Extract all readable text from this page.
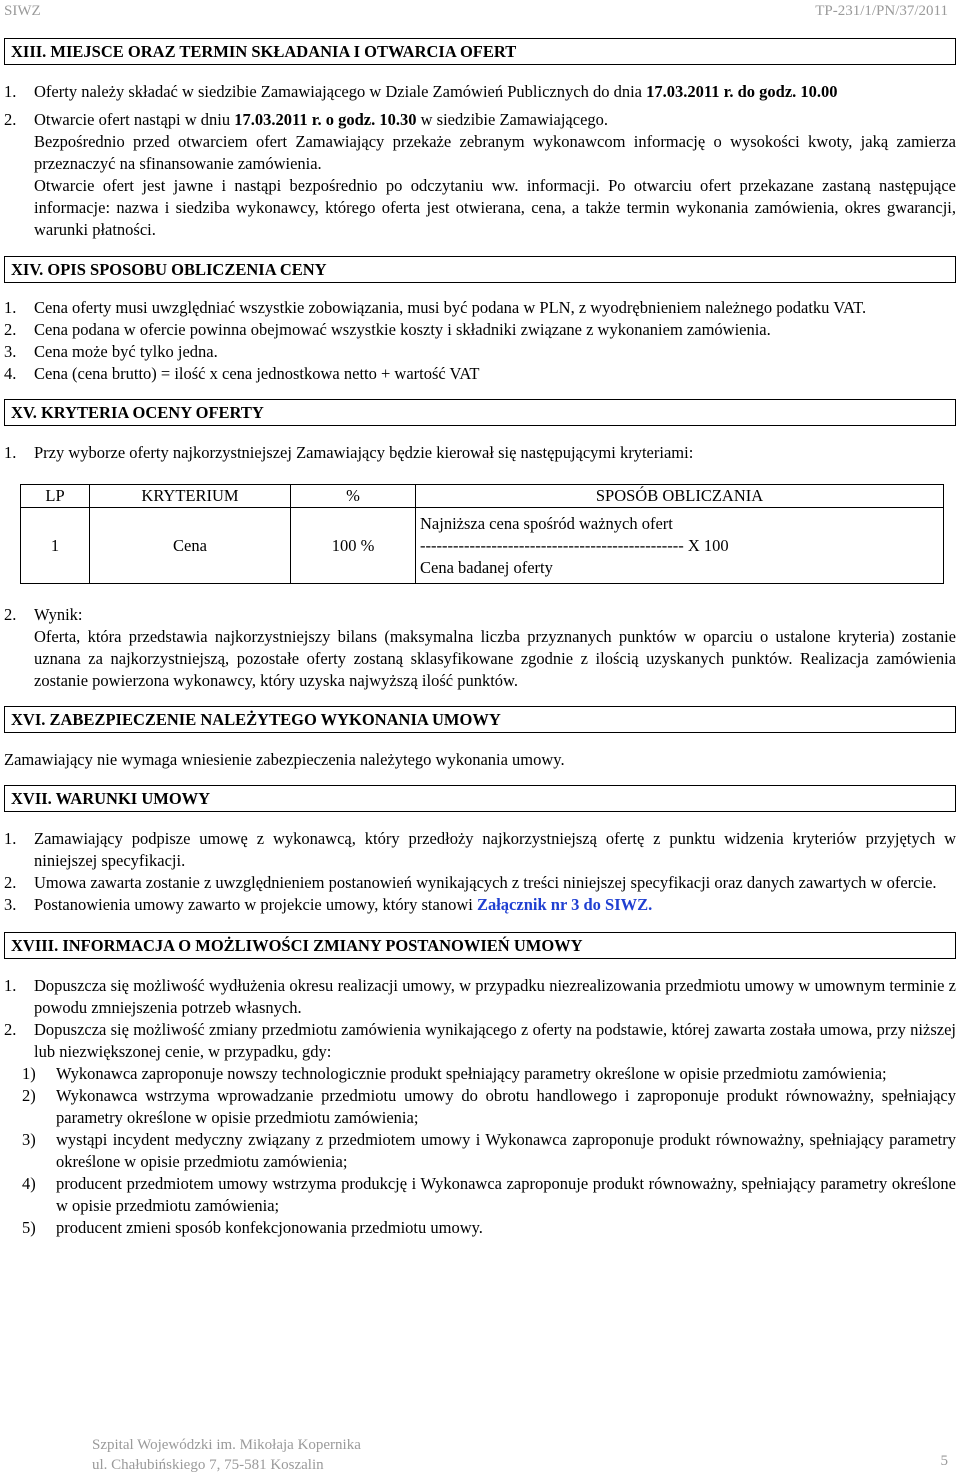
SIWZ	TP-231/1/PN/37/2011
XIII. MIEJSCE ORAZ TERMIN SKŁADANIA I OTWARCIA OFERT

1. Oferty należy składać w siedzibie Zamawiającego w Dziale Zamówień Publicznych do dnia 17.03.2011 r. do godz. 10.00

2. Otwarcie ofert nastąpi w dniu 17.03.2011 r. o godz. 10.30 w siedzibie Zamawiającego.

Bezpośrednio przed otwarciem ofert Zamawiający przekaże zebranym wykonawcom informację o wysokości kwoty, jaką zamierza przeznaczyć na sfinansowanie zamówienia.

Otwarcie ofert jest jawne i nastąpi bezpośrednio po odczytaniu ww. informacji. Po otwarciu ofert przekazane zastaną następujące informacje: nazwa i siedziba wykonawcy, którego oferta jest otwierana, cena, a także termin wykonania zamówienia, okres gwarancji, warunki płatności.

XIV. OPIS SPOSOBU OBLICZENIA CENY

1. Cena oferty musi uwzględniać wszystkie zobowiązania, musi być podana w PLN, z wyodrębnieniem należnego podatku VAT.

2. Cena podana w ofercie powinna obejmować wszystkie koszty i składniki związane z wykonaniem zamówienia.

3. Cena może być tylko jedna.

4. Cena (cena brutto) = ilość x cena jednostkowa netto + wartość VAT

XV. KRYTERIA OCENY OFERTY

1. Przy wyborze oferty najkorzystniejszej Zamawiający będzie kierował się następującymi kryteriami:

LP	KRYTERIUM	%	SPOSÓB OBLICZANIA
1	Cena	100 %	Najniższa cena spośród ważnych ofert
------------------------------------------------ X 100
Cena badanej oferty

2. Wynik:

Oferta, która przedstawia najkorzystniejszy bilans (maksymalna liczba przyznanych punktów w oparciu o ustalone kryteria) zostanie uznana za najkorzystniejszą, pozostałe oferty zostaną sklasyfikowane zgodnie z ilością uzyskanych punktów. Realizacja zamówienia zostanie powierzona wykonawcy, który uzyska najwyższą ilość punktów.

XVI. ZABEZPIECZENIE NALEŻYTEGO WYKONANIA UMOWY

Zamawiający nie wymaga wniesienie zabezpieczenia należytego wykonania umowy.

XVII. WARUNKI UMOWY

1. Zamawiający podpisze umowę z wykonawcą, który przedłoży najkorzystniejszą ofertę z punktu widzenia kryteriów przyjętych w niniejszej specyfikacji.

2. Umowa zawarta zostanie z uwzględnieniem postanowień wynikających z treści niniejszej specyfikacji oraz danych zawartych w ofercie.

3. Postanowienia umowy zawarto w projekcie umowy, który stanowi Załącznik nr 3 do SIWZ.

XVIII. INFORMACJA O MOŻLIWOŚCI ZMIANY POSTANOWIEŃ UMOWY

1. Dopuszcza się możliwość wydłużenia okresu realizacji umowy, w przypadku niezrealizowania przedmiotu umowy w umownym terminie z powodu zmniejszenia potrzeb własnych.

2. Dopuszcza się możliwość zmiany przedmiotu zamówienia wynikającego z oferty na podstawie, której zawarta została umowa, przy niższej lub niezwiększonej cenie, w przypadku, gdy:

1) Wykonawca zaproponuje nowszy technologicznie produkt spełniający parametry określone w opisie przedmiotu zamówienia;

2) Wykonawca wstrzyma wprowadzanie przedmiotu umowy do obrotu handlowego i zaproponuje produkt równoważny, spełniający parametry określone w opisie przedmiotu zamówienia;

3) wystąpi incydent medyczny związany z przedmiotem umowy i Wykonawca zaproponuje produkt równoważny, spełniający parametry określone w opisie przedmiotu zamówienia;

4) producent przedmiotem umowy wstrzyma produkcję i Wykonawca zaproponuje produkt równoważny, spełniający parametry określone w opisie przedmiotu zamówienia;

5) producent zmieni sposób konfekcjonowania przedmiotu umowy.

Szpital Wojewódzki im. Mikołaja Kopernika
ul. Chałubińskiego 7, 75-581 Koszalin	5
